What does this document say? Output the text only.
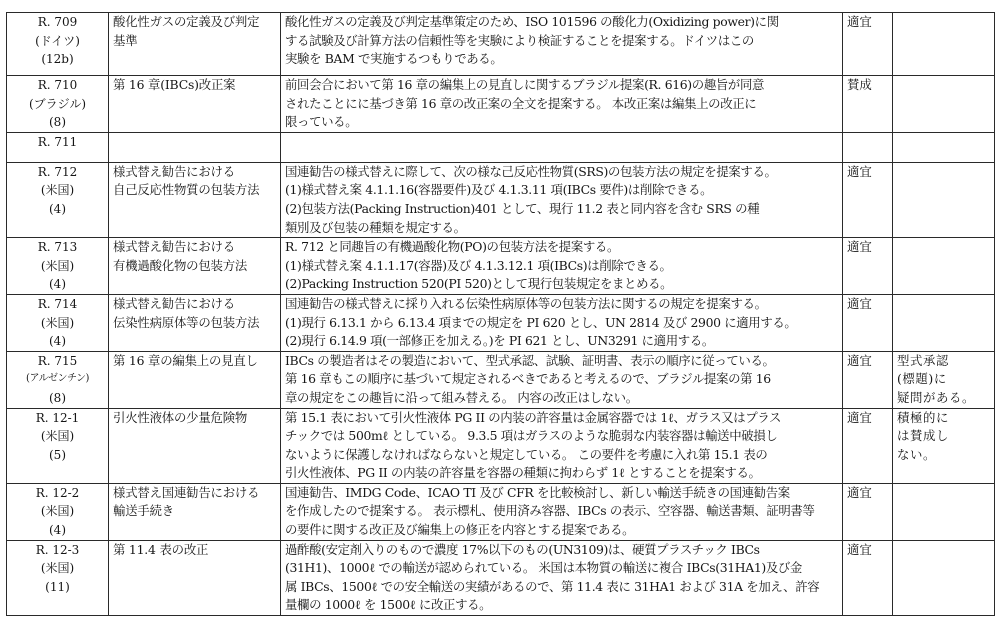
R. 709
(ドイツ)
(12b)	酸化性ガスの定義及び判定
基準	酸化性ガスの定義及び判定基準策定のため、ISO 101596 の酸化力(Oxidizing power)に関
する試験及び計算方法の信頼性等を実験により検証することを提案する。ドイツはこの
実験を BAM で実施するつもりである。	適宜	

R. 710
(ブラジル)
(8)	第 16 章(IBCs)改正案	前回会合において第 16 章の編集上の見直しに関するブラジル提案(R. 616)の趣旨が同意
されたことにに基づき第 16 章の改正案の全文を提案する。 本改正案は編集上の改正に
限っている。	賛成	

R. 711				

R. 712
(米国)
(4)	様式替え勧告における
自己反応性物質の包装方法	国連勧告の様式替えに際して、次の様な己反応性物質(SRS)の包装方法の規定を提案する。
(1)様式替え案 4.1.1.16(容器要件)及び 4.1.3.11 項(IBCs 要件)は削除できる。
(2)包装方法(Packing Instruction)401 として、現行 11.2 表と同内容を含む SRS の種
類別及び包装の種類を規定する。	適宜	

R. 713
(米国)
(4)	様式替え勧告における
有機過酸化物の包装方法	R. 712 と同趣旨の有機過酸化物(PO)の包装方法を提案する。
(1)様式替え案 4.1.1.17(容器)及び 4.1.3.12.1 項(IBCs)は削除できる。
(2)Packing Instruction 520(PI 520)として現行包装規定をまとめる。	適宜	

R. 714
(米国)
(4)	様式替え勧告における
伝染性病原体等の包装方法	国連勧告の様式替えに採り入れる伝染性病原体等の包装方法に関するの規定を提案する。
(1)現行 6.13.1 から 6.13.4 項までの規定を PI 620 とし、UN 2814 及び 2900 に適用する。
(2)現行 6.14.9 項(一部修正を加える。)を PI 621 とし、UN3291 に適用する。	適宜	

R. 715
(アルゼンチン)
(8)	第 16 章の編集上の見直し	IBCs の製造者はその製造において、型式承認、試験、証明書、表示の順序に従っている。
第 16 章もこの順序に基づいて規定されるべきであると考えるので、ブラジル提案の第 16
章の規定をこの趣旨に沿って組み替える。 内容の改正はしない。	適宜	型式承認
(標題)に
疑問がある。

R. 12-1
(米国)
(5)	引火性液体の少量危険物	第 15.1 表において引火性液体 PG II の内装の許容量は金属容器では 1ℓ、ガラス又はプラス
チックでは 500mℓ としている。 9.3.5 項はガラスのような脆弱な内装容器は輸送中破損し
ないように保護しなければならないと規定している。 この要件を考慮に入れ第 15.1 表の
引火性液体、PG II の内装の許容量を容器の種類に拘わらず 1ℓ とすることを提案する。	適宜	積極的に
は賛成し
ない。

R. 12-2
(米国)
(4)	様式替え国連勧告における
輸送手続き	国連勧告、IMDG Code、ICAO TI 及び CFR を比較検討し、新しい輸送手続きの国連勧告案
を作成したので提案する。 表示標札、使用済み容器、IBCs の表示、空容器、輸送書類、証明書等
の要件に関する改正及び編集上の修正を内容とする提案である。	適宜	

R. 12-3
(米国)
(11)	第 11.4 表の改正	過酢酸(安定剤入りのもので濃度 17%以下のもの(UN3109)は、硬質プラスチック IBCs
(31H1)、1000ℓ での輸送が認められている。 米国は本物質の輸送に複合 IBCs(31HA1)及び金
属 IBCs、1500ℓ での安全輸送の実績があるので、第 11.4 表に 31HA1 および 31A を加え、許容
量欄の 1000ℓ を 1500ℓ に改正する。	適宜	
